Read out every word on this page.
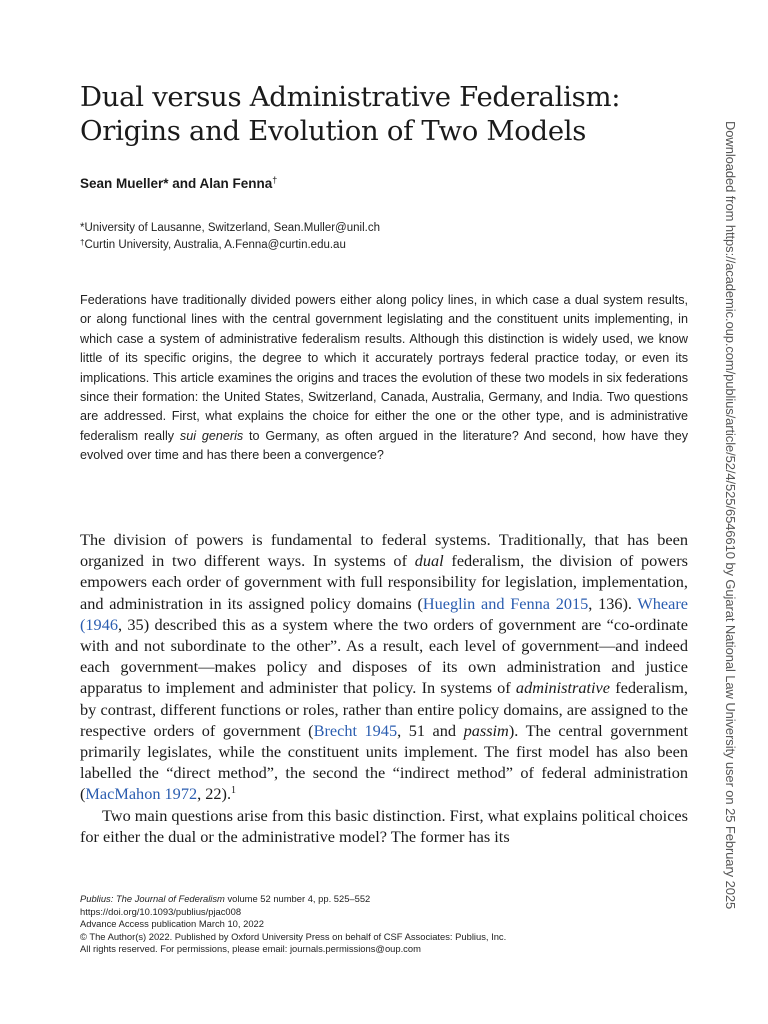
Dual versus Administrative Federalism:
Origins and Evolution of Two Models
Sean Mueller* and Alan Fenna†
*University of Lausanne, Switzerland, Sean.Muller@unil.ch
†Curtin University, Australia, A.Fenna@curtin.edu.au

Federations have traditionally divided powers either along policy lines, in which case a dual system results, or along functional lines with the central government legislating and the constituent units implementing, in which case a system of administrative federalism results. Although this distinction is widely used, we know little of its specific origins, the degree to which it accurately portrays federal practice today, or even its implications. This article examines the origins and traces the evolution of these two models in six federations since their formation: the United States, Switzerland, Canada, Australia, Germany, and India. Two questions are addressed. First, what explains the choice for either the one or the other type, and is administrative federalism really sui generis to Germany, as often argued in the literature? And second, how have they evolved over time and has there been a convergence?

The division of powers is fundamental to federal systems. Traditionally, that has been organized in two different ways. In systems of dual federalism, the division of powers empowers each order of government with full responsibility for legislation, implementation, and administration in its assigned policy domains (Hueglin and Fenna 2015, 136). Wheare (1946, 35) described this as a system where the two orders of government are “co-ordinate with and not subordinate to the other”. As a result, each level of government—and indeed each government—makes policy and disposes of its own administration and justice apparatus to implement and administer that policy. In systems of administrative federalism, by contrast, different functions or roles, rather than entire policy domains, are assigned to the respective orders of government (Brecht 1945, 51 and passim). The central government primarily legislates, while the constituent units implement. The first model has also been labelled the “direct method”, the second the “indirect method” of federal administration (MacMahon 1972, 22).$^1$

Two main questions arise from this basic distinction. First, what explains political choices for either the dual or the administrative model? The former has its

Publius: The Journal of Federalism volume 52 number 4, pp. 525–552
https://doi.org/10.1093/publius/pjac008
Advance Access publication March 10, 2022
© The Author(s) 2022. Published by Oxford University Press on behalf of CSF Associates: Publius, Inc.
All rights reserved. For permissions, please email: journals.permissions@oup.com
Downloaded from https://academic.oup.com/publius/article/52/4/525/6546610 by Gujarat National Law University user on 25 February 2025
